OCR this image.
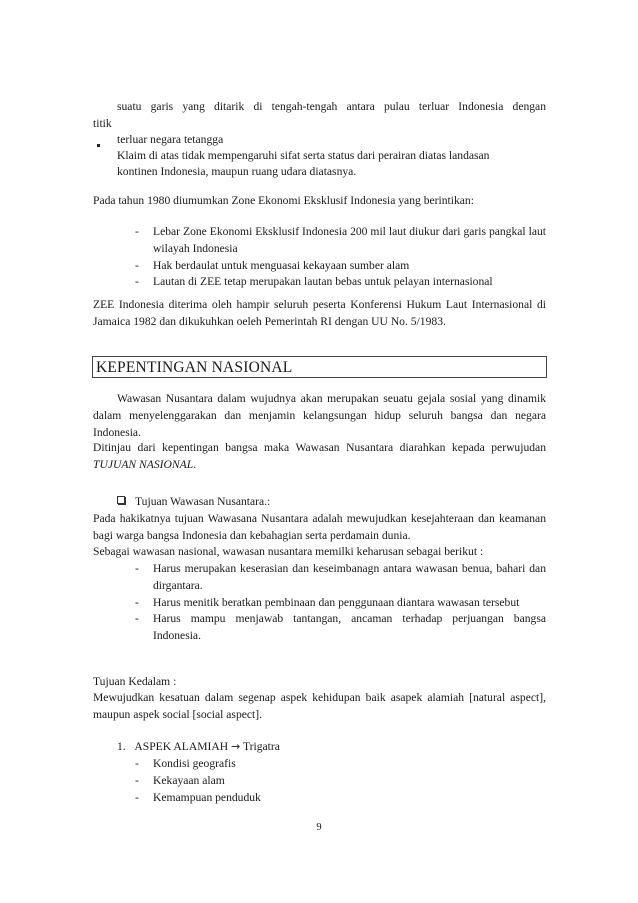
suatu garis yang ditarik di tengah-tengah antara pulau terluar Indonesia dengan
titik
terluar negara tetangga
Klaim di atas tidak mempengaruhi sifat serta status dari perairan diatas landasan
kontinen Indonesia, maupun ruang udara diatasnya.
Pada tahun 1980 diumumkan Zone Ekonomi Eksklusif Indonesia yang berintikan:
- Lebar Zone Ekonomi Eksklusif Indonesia 200 mil laut diukur dari garis pangkal laut wilayah Indonesia
- Hak berdaulat untuk menguasai kekayaan sumber alam
- Lautan di ZEE tetap merupakan lautan bebas untuk pelayan internasional
ZEE Indonesia diterima oleh hampir seluruh peserta Konferensi Hukum Laut Internasional di Jamaica 1982 dan dikukuhkan oeleh Pemerintah RI dengan UU No. 5/1983.
KEPENTINGAN NASIONAL
Wawasan Nusantara dalam wujudnya akan merupakan seuatu gejala sosial yang dinamik dalam menyelenggarakan dan menjamin kelangsungan hidup seluruh bangsa dan negara Indonesia.
Ditinjau dari kepentingan bangsa maka Wawasan Nusantara diarahkan kepada perwujudan TUJUAN NASIONAL.
Tujuan Wawasan Nusantara.:
Pada hakikatnya tujuan Wawasana Nusantara adalah mewujudkan kesejahteraan dan keamanan bagi warga bangsa Indonesia dan kebahagian serta perdamain dunia.
Sebagai wawasan nasional, wawasan nusantara memilki keharusan sebagai berikut :
- Harus merupakan keserasian dan keseimbanagn antara wawasan benua, bahari dan dirgantara.
- Harus menitik beratkan pembinaan dan penggunaan diantara wawasan tersebut
- Harus mampu menjawab tantangan, ancaman terhadap perjuangan bangsa Indonesia.
Tujuan Kedalam :
Mewujudkan kesatuan dalam segenap aspek kehidupan baik asapek alamiah [natural aspect], maupun aspek social [social aspect].
1. ASPEK ALAMIAH → Trigatra
- Kondisi geografis
- Kekayaan alam
- Kemampuan penduduk
9
